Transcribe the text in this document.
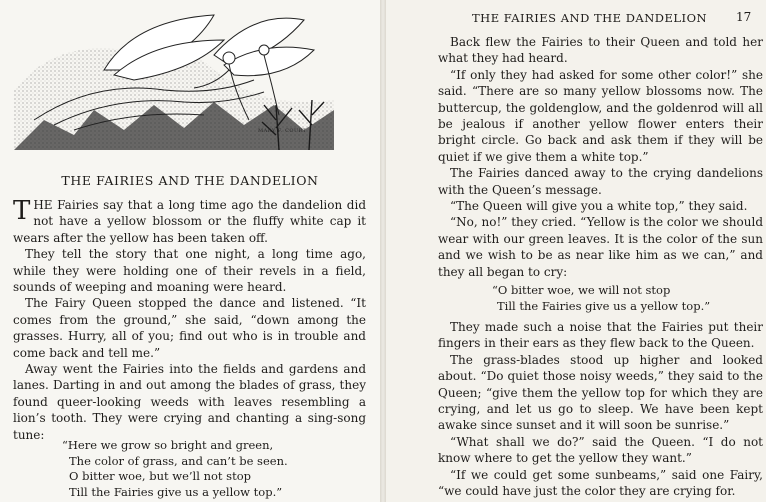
MARY F. COURT
THE FAIRIES AND THE DANDELION

THE Fairies say that a long time ago the dandelion did not have a yellow blossom or the fluffy white cap it wears after the yellow has been taken off.

They tell the story that one night, a long time ago, while they were holding one of their revels in a field, sounds of weeping and moaning were heard.

The Fairy Queen stopped the dance and listened. “It comes from the ground,” she said, “down among the grasses. Hurry, all of you; find out who is in trouble and come back and tell me.”

Away went the Fairies into the fields and gardens and lanes. Darting in and out among the blades of grass, they found queer-looking weeds with leaves resembling a lion’s tooth. They were crying and chanting a sing-song tune:

“Here we grow so bright and green,
The color of grass, and can’t be seen.
O bitter woe, but we’ll not stop
Till the Fairies give us a yellow top.”
THE FAIRIES AND THE DANDELION 17

Back flew the Fairies to their Queen and told her what they had heard.

“If only they had asked for some other color!” she said. “There are so many yellow blossoms now. The buttercup, the goldenglow, and the goldenrod will all be jealous if another yellow flower enters their bright circle. Go back and ask them if they will be quiet if we give them a white top.”

The Fairies danced away to the crying dandelions with the Queen’s message.

“The Queen will give you a white top,” they said.

“No, no!” they cried. “Yellow is the color we should wear with our green leaves. It is the color of the sun and we wish to be as near like him as we can,” and they all began to cry:

“O bitter woe, we will not stop
Till the Fairies give us a yellow top.”

They made such a noise that the Fairies put their fingers in their ears as they flew back to the Queen.

The grass-blades stood up higher and looked about. “Do quiet those noisy weeds,” they said to the Queen; “give them the yellow top for which they are crying, and let us go to sleep. We have been kept awake since sunset and it will soon be sunrise.”

“What shall we do?” said the Queen. “I do not know where to get the yellow they want.”

“If we could get some sunbeams,” said one Fairy, “we could have just the color they are crying for.
